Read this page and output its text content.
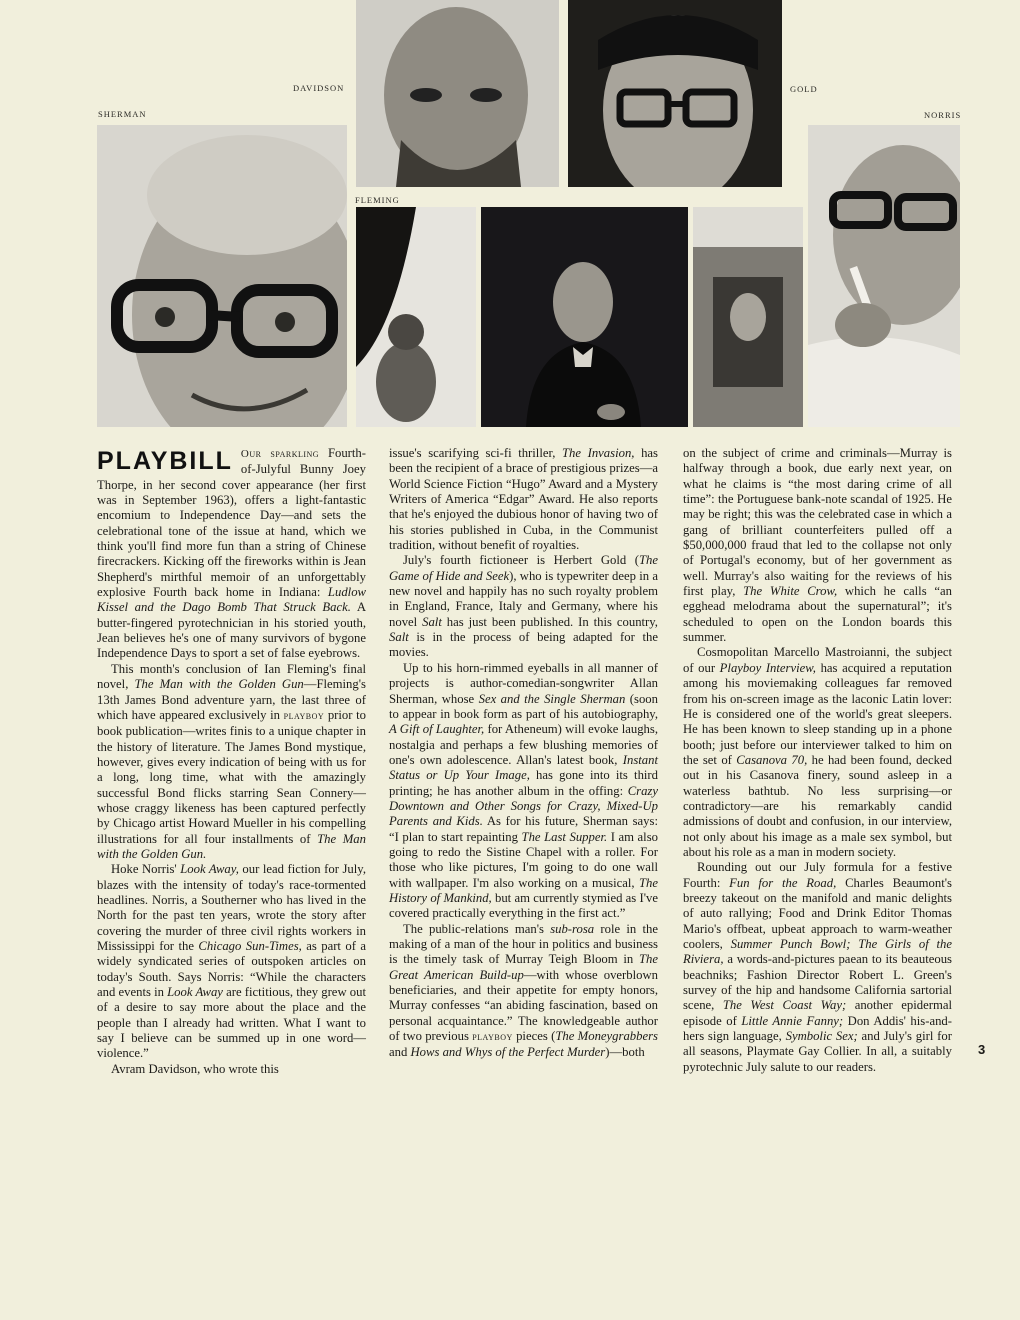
DAVIDSON
SHERMAN
GOLD
NORRIS
FLEMING
PLAYBILL Our sparkling Fourth-of-Julyful Bunny Joey Thorpe, in her second cover appearance (her first was in September 1963), offers a light-fantastic encomium to Independence Day—and sets the celebrational tone of the issue at hand, which we think you'll find more fun than a string of Chinese firecrackers. Kicking off the fireworks within is Jean Shepherd's mirthful memoir of an unforgettably explosive Fourth back home in Indiana: Ludlow Kissel and the Dago Bomb That Struck Back. A butter-fingered pyrotechnician in his storied youth, Jean believes he's one of many survivors of bygone Independence Days to sport a set of false eyebrows.

This month's conclusion of Ian Fleming's final novel, The Man with the Golden Gun—Fleming's 13th James Bond adventure yarn, the last three of which have appeared exclusively in playboy prior to book publication—writes finis to a unique chapter in the history of literature. The James Bond mystique, however, gives every indication of being with us for a long, long time, what with the amazingly successful Bond flicks starring Sean Connery—whose craggy likeness has been captured perfectly by Chicago artist Howard Mueller in his compelling illustrations for all four installments of The Man with the Golden Gun.

Hoke Norris' Look Away, our lead fiction for July, blazes with the intensity of today's race-tormented headlines. Norris, a Southerner who has lived in the North for the past ten years, wrote the story after covering the murder of three civil rights workers in Mississippi for the Chicago Sun-Times, as part of a widely syndicated series of outspoken articles on today's South. Says Norris: “While the characters and events in Look Away are fictitious, they grew out of a desire to say more about the place and the people than I already had written. What I want to say I believe can be summed up in one word—violence.”

Avram Davidson, who wrote this

issue's scarifying sci-fi thriller, The Invasion, has been the recipient of a brace of prestigious prizes—a World Science Fiction “Hugo” Award and a Mystery Writers of America “Edgar” Award. He also reports that he's enjoyed the dubious honor of having two of his stories published in Cuba, in the Communist tradition, without benefit of royalties.

July's fourth fictioneer is Herbert Gold (The Game of Hide and Seek), who is typewriter deep in a new novel and happily has no such royalty problem in England, France, Italy and Germany, where his novel Salt has just been published. In this country, Salt is in the process of being adapted for the movies.

Up to his horn-rimmed eyeballs in all manner of projects is author-comedian-songwriter Allan Sherman, whose Sex and the Single Sherman (soon to appear in book form as part of his autobiography, A Gift of Laughter, for Atheneum) will evoke laughs, nostalgia and perhaps a few blushing memories of one's own adolescence. Allan's latest book, Instant Status or Up Your Image, has gone into its third printing; he has another album in the offing: Crazy Downtown and Other Songs for Crazy, Mixed-Up Parents and Kids. As for his future, Sherman says: “I plan to start repainting The Last Supper. I am also going to redo the Sistine Chapel with a roller. For those who like pictures, I'm going to do one wall with wallpaper. I'm also working on a musical, The History of Mankind, but am currently stymied as I've covered practically everything in the first act.”

The public-relations man's sub-rosa role in the making of a man of the hour in politics and business is the timely task of Murray Teigh Bloom in The Great American Build-up—with whose overblown beneficiaries, and their appetite for empty honors, Murray confesses “an abiding fascination, based on personal acquaintance.” The knowledgeable author of two previous playboy pieces (The Moneygrabbers and Hows and Whys of the Perfect Murder)—both

on the subject of crime and criminals—Murray is halfway through a book, due early next year, on what he claims is “the most daring crime of all time”: the Portuguese bank-note scandal of 1925. He may be right; this was the celebrated case in which a gang of brilliant counterfeiters pulled off a $50,000,000 fraud that led to the collapse not only of Portugal's economy, but of her government as well. Murray's also waiting for the reviews of his first play, The White Crow, which he calls “an egghead melodrama about the supernatural”; it's scheduled to open on the London boards this summer.

Cosmopolitan Marcello Mastroianni, the subject of our Playboy Interview, has acquired a reputation among his moviemaking colleagues far removed from his on-screen image as the laconic Latin lover: He is considered one of the world's great sleepers. He has been known to sleep standing up in a phone booth; just before our interviewer talked to him on the set of Casanova 70, he had been found, decked out in his Casanova finery, sound asleep in a waterless bathtub. No less surprising—or contradictory—are his remarkably candid admissions of doubt and confusion, in our interview, not only about his image as a male sex symbol, but about his role as a man in modern society.

Rounding out our July formula for a festive Fourth: Fun for the Road, Charles Beaumont's breezy takeout on the manifold and manic delights of auto rallying; Food and Drink Editor Thomas Mario's offbeat, upbeat approach to warm-weather coolers, Summer Punch Bowl; The Girls of the Riviera, a words-and-pictures paean to its beauteous beachniks; Fashion Director Robert L. Green's survey of the hip and handsome California sartorial scene, The West Coast Way; another epidermal episode of Little Annie Fanny; Don Addis' his-and-hers sign language, Symbolic Sex; and July's girl for all seasons, Playmate Gay Collier. In all, a suitably pyrotechnic July salute to our readers.

3
